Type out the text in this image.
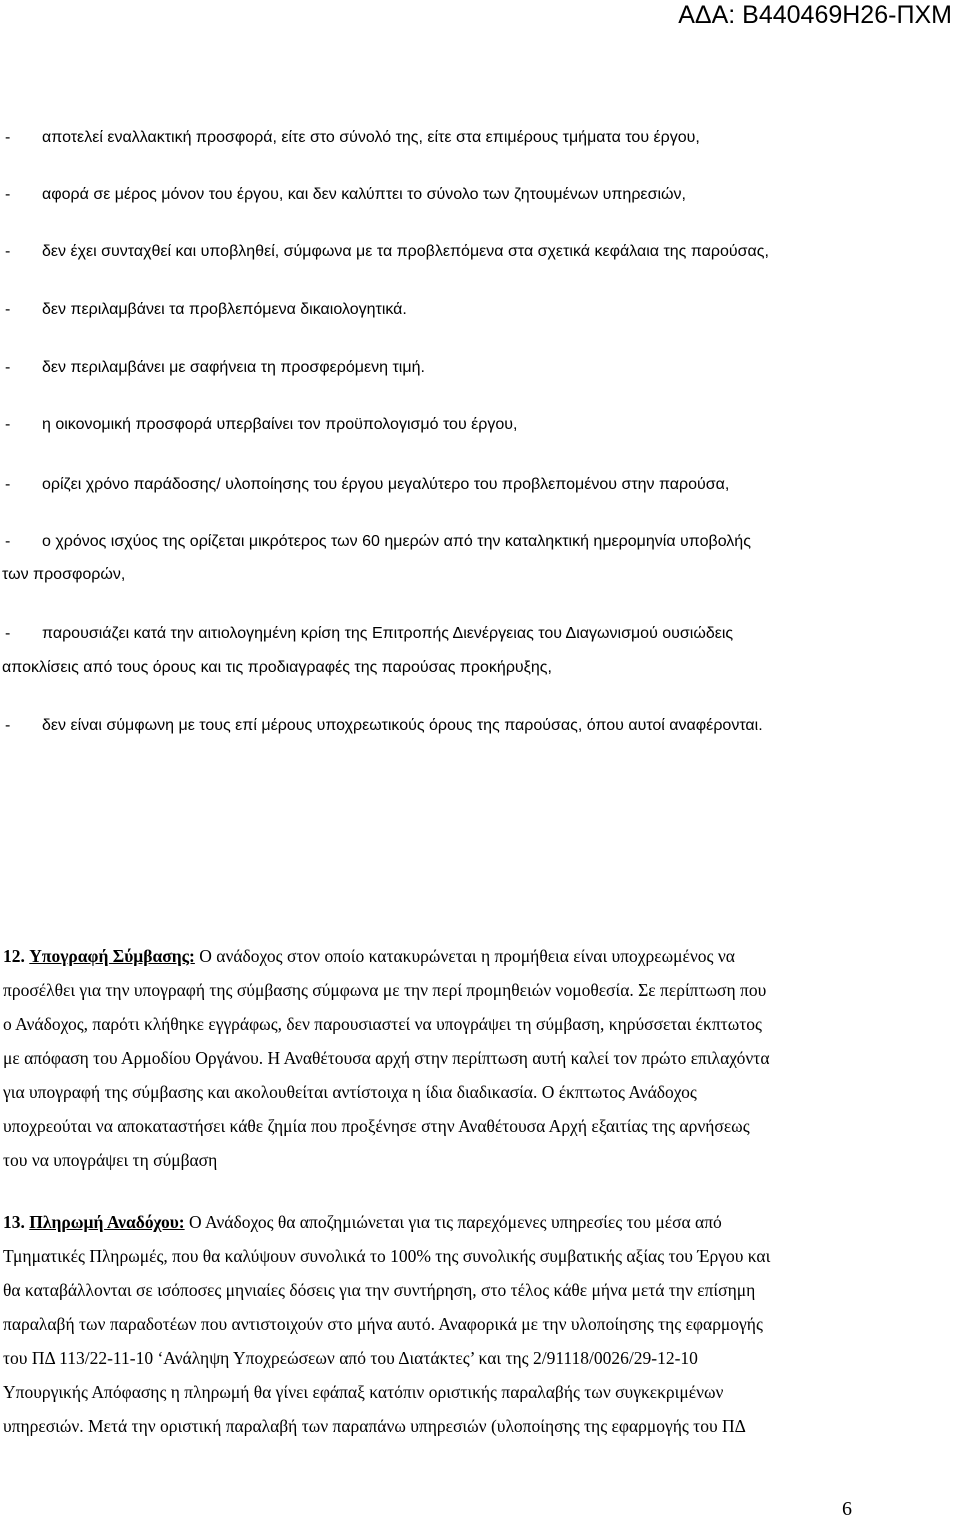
ΑΔΑ: Β440469Η26-ΠΧΜ
- αποτελεί εναλλακτική προσφορά, είτε στο σύνολό της, είτε στα επιμέρους τμήματα του έργου,
- αφορά σε μέρος μόνον του έργου, και δεν καλύπτει το σύνολο των ζητουμένων υπηρεσιών,
- δεν έχει συνταχθεί και υποβληθεί, σύμφωνα με τα προβλεπόμενα στα σχετικά κεφάλαια της παρούσας,
- δεν περιλαμβάνει τα προβλεπόμενα δικαιολογητικά.
- δεν περιλαμβάνει με σαφήνεια τη προσφερόμενη τιμή.
- η οικονομική προσφορά υπερβαίνει τον προϋπολογισμό του έργου,
- ορίζει χρόνο παράδοσης/ υλοποίησης του έργου μεγαλύτερο του προβλεπομένου στην παρούσα,
- ο χρόνος ισχύος της ορίζεται μικρότερος των 60 ημερών από την καταληκτική ημερομηνία υποβολής
των προσφορών,
- παρουσιάζει κατά την αιτιολογημένη κρίση της Επιτροπής Διενέργειας του Διαγωνισμού ουσιώδεις
αποκλίσεις από τους όρους και τις προδιαγραφές της παρούσας προκήρυξης,
- δεν είναι σύμφωνη με τους επί μέρους υποχρεωτικούς όρους της παρούσας, όπου αυτοί αναφέρονται.
12. Υπογραφή Σύμβασης: Ο ανάδοχος στον οποίο κατακυρώνεται η προμήθεια είναι υποχρεωμένος να
προσέλθει για την υπογραφή της σύμβασης σύμφωνα με την περί προμηθειών νομοθεσία. Σε περίπτωση που
ο Ανάδοχος, παρότι κλήθηκε εγγράφως, δεν παρουσιαστεί να υπογράψει τη σύμβαση, κηρύσσεται έκπτωτος
με απόφαση του Αρμοδίου Οργάνου. Η Αναθέτουσα αρχή στην περίπτωση αυτή καλεί τον πρώτο επιλαχόντα
για υπογραφή της σύμβασης και ακολουθείται αντίστοιχα η ίδια διαδικασία. Ο έκπτωτος Ανάδοχος
υποχρεούται να αποκαταστήσει κάθε ζημία που προξένησε στην Αναθέτουσα Αρχή εξαιτίας της αρνήσεως
του να υπογράψει τη σύμβαση
13. Πληρωμή Αναδόχου: Ο Ανάδοχος θα αποζημιώνεται για τις παρεχόμενες υπηρεσίες του μέσα από
Τμηματικές Πληρωμές, που θα καλύψουν συνολικά το 100% της συνολικής συμβατικής αξίας του Έργου και
θα καταβάλλονται σε ισόποσες μηνιαίες δόσεις για την συντήρηση, στο τέλος κάθε μήνα μετά την επίσημη
παραλαβή των παραδοτέων που αντιστοιχούν στο μήνα αυτό. Αναφορικά με την υλοποίησης της εφαρμογής
του ΠΔ 113/22-11-10 ‘Ανάληψη Υποχρεώσεων από του Διατάκτες’ και της 2/91118/0026/29-12-10
Υπουργικής Απόφασης η πληρωμή θα γίνει εφάπαξ κατόπιν οριστικής παραλαβής των συγκεκριμένων
υπηρεσιών. Μετά την οριστική παραλαβή των παραπάνω υπηρεσιών (υλοποίησης της εφαρμογής του ΠΔ
6
